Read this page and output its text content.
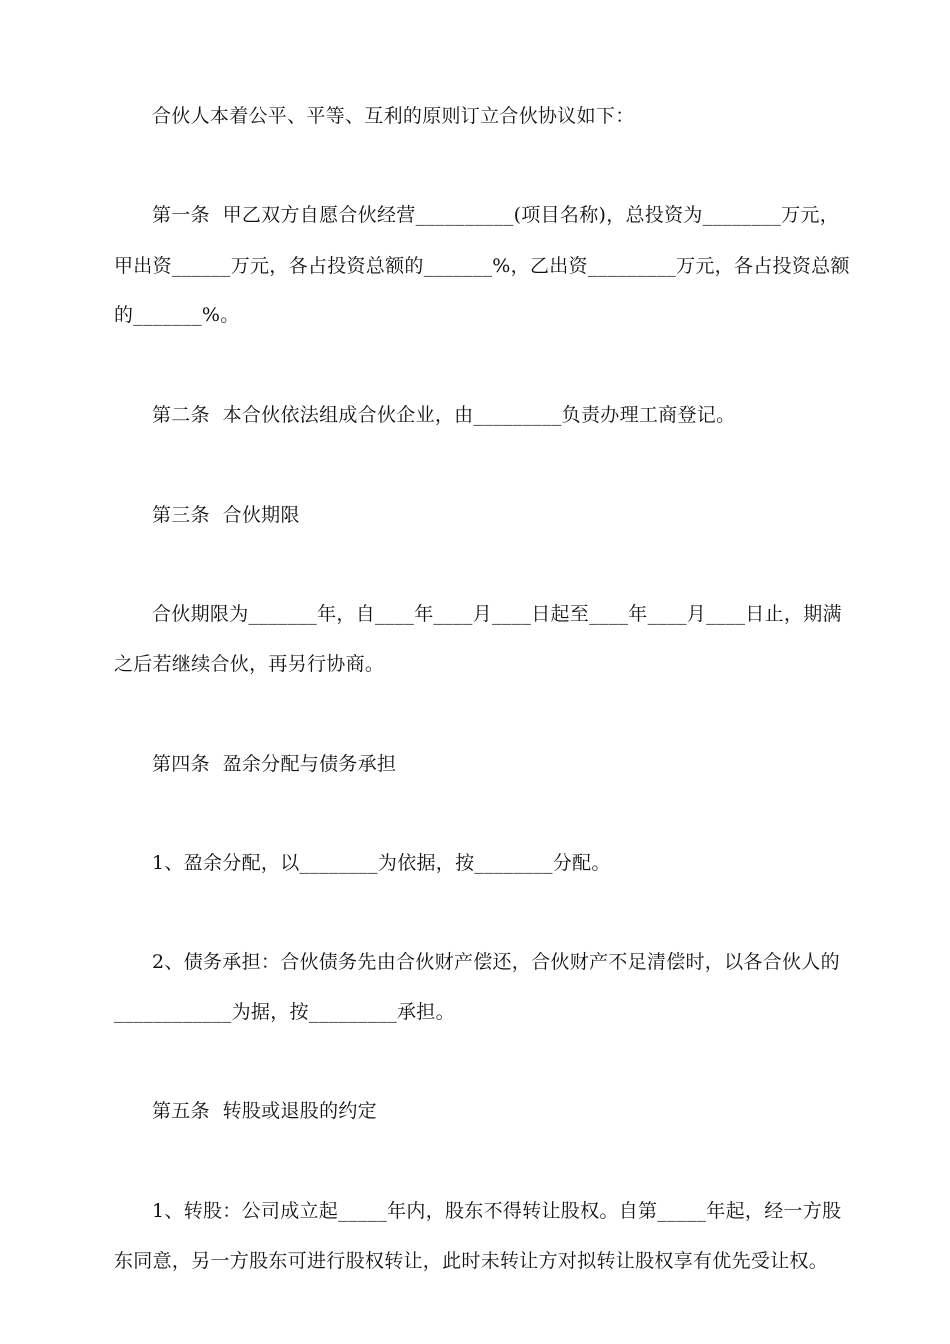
合伙人本着公平、平等、互利的原则订立合伙协议如下：
第一条  甲乙双方自愿合伙经营__________(项目名称)，总投资为________万元，
甲出资______万元，各占投资总额的_______%，乙出资_________万元，各占投资总额
的_______%。
第二条  本合伙依法组成合伙企业，由_________负责办理工商登记。
第三条  合伙期限
合伙期限为_______年，自____年____月____日起至____年____月____日止，期满
之后若继续合伙，再另行协商。
第四条  盈余分配与债务承担
1、盈余分配，以________为依据，按________分配。
2、债务承担：合伙债务先由合伙财产偿还，合伙财产不足清偿时，以各合伙人的
____________为据，按_________承担。
第五条  转股或退股的约定
1、转股：公司成立起_____年内，股东不得转让股权。自第_____年起，经一方股
东同意，另一方股东可进行股权转让，此时未转让方对拟转让股权享有优先受让权。
